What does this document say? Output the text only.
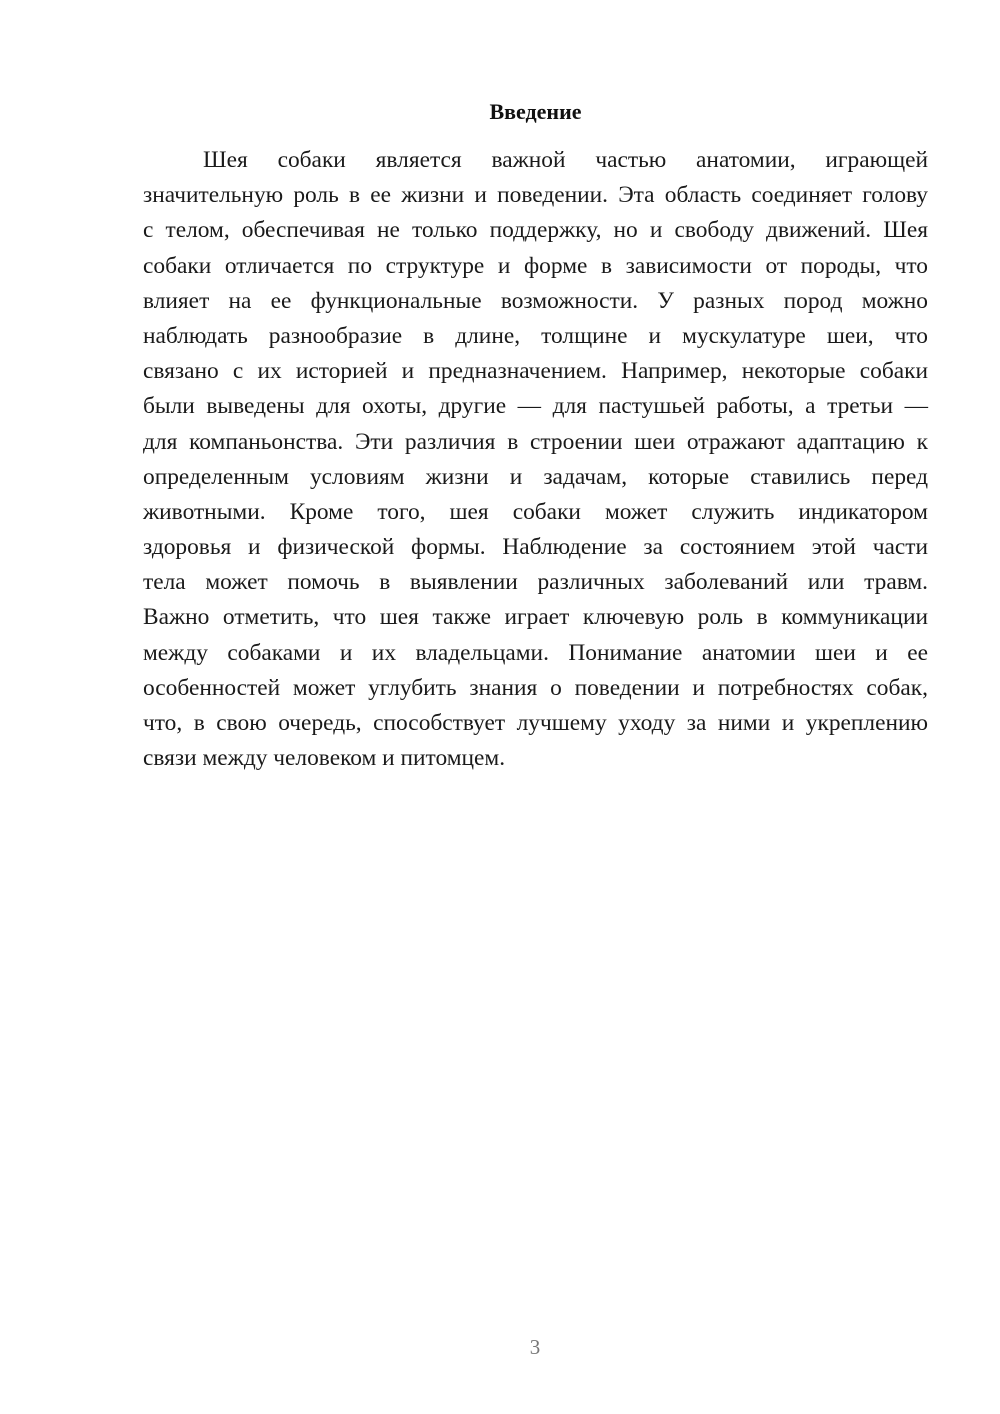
Введение
Шея собаки является важной частью анатомии, играющей
значительную роль в ее жизни и поведении. Эта область соединяет голову
с телом, обеспечивая не только поддержку, но и свободу движений. Шея
собаки отличается по структуре и форме в зависимости от породы, что
влияет на ее функциональные возможности. У разных пород можно
наблюдать разнообразие в длине, толщине и мускулатуре шеи, что
связано с их историей и предназначением. Например, некоторые собаки
были выведены для охоты, другие — для пастушьей работы, а третьи —
для компаньонства. Эти различия в строении шеи отражают адаптацию к
определенным условиям жизни и задачам, которые ставились перед
животными. Кроме того, шея собаки может служить индикатором
здоровья и физической формы. Наблюдение за состоянием этой части
тела может помочь в выявлении различных заболеваний или травм.
Важно отметить, что шея также играет ключевую роль в коммуникации
между собаками и их владельцами. Понимание анатомии шеи и ее
особенностей может углубить знания о поведении и потребностях собак,
что, в свою очередь, способствует лучшему уходу за ними и укреплению
связи между человеком и питомцем.
3
